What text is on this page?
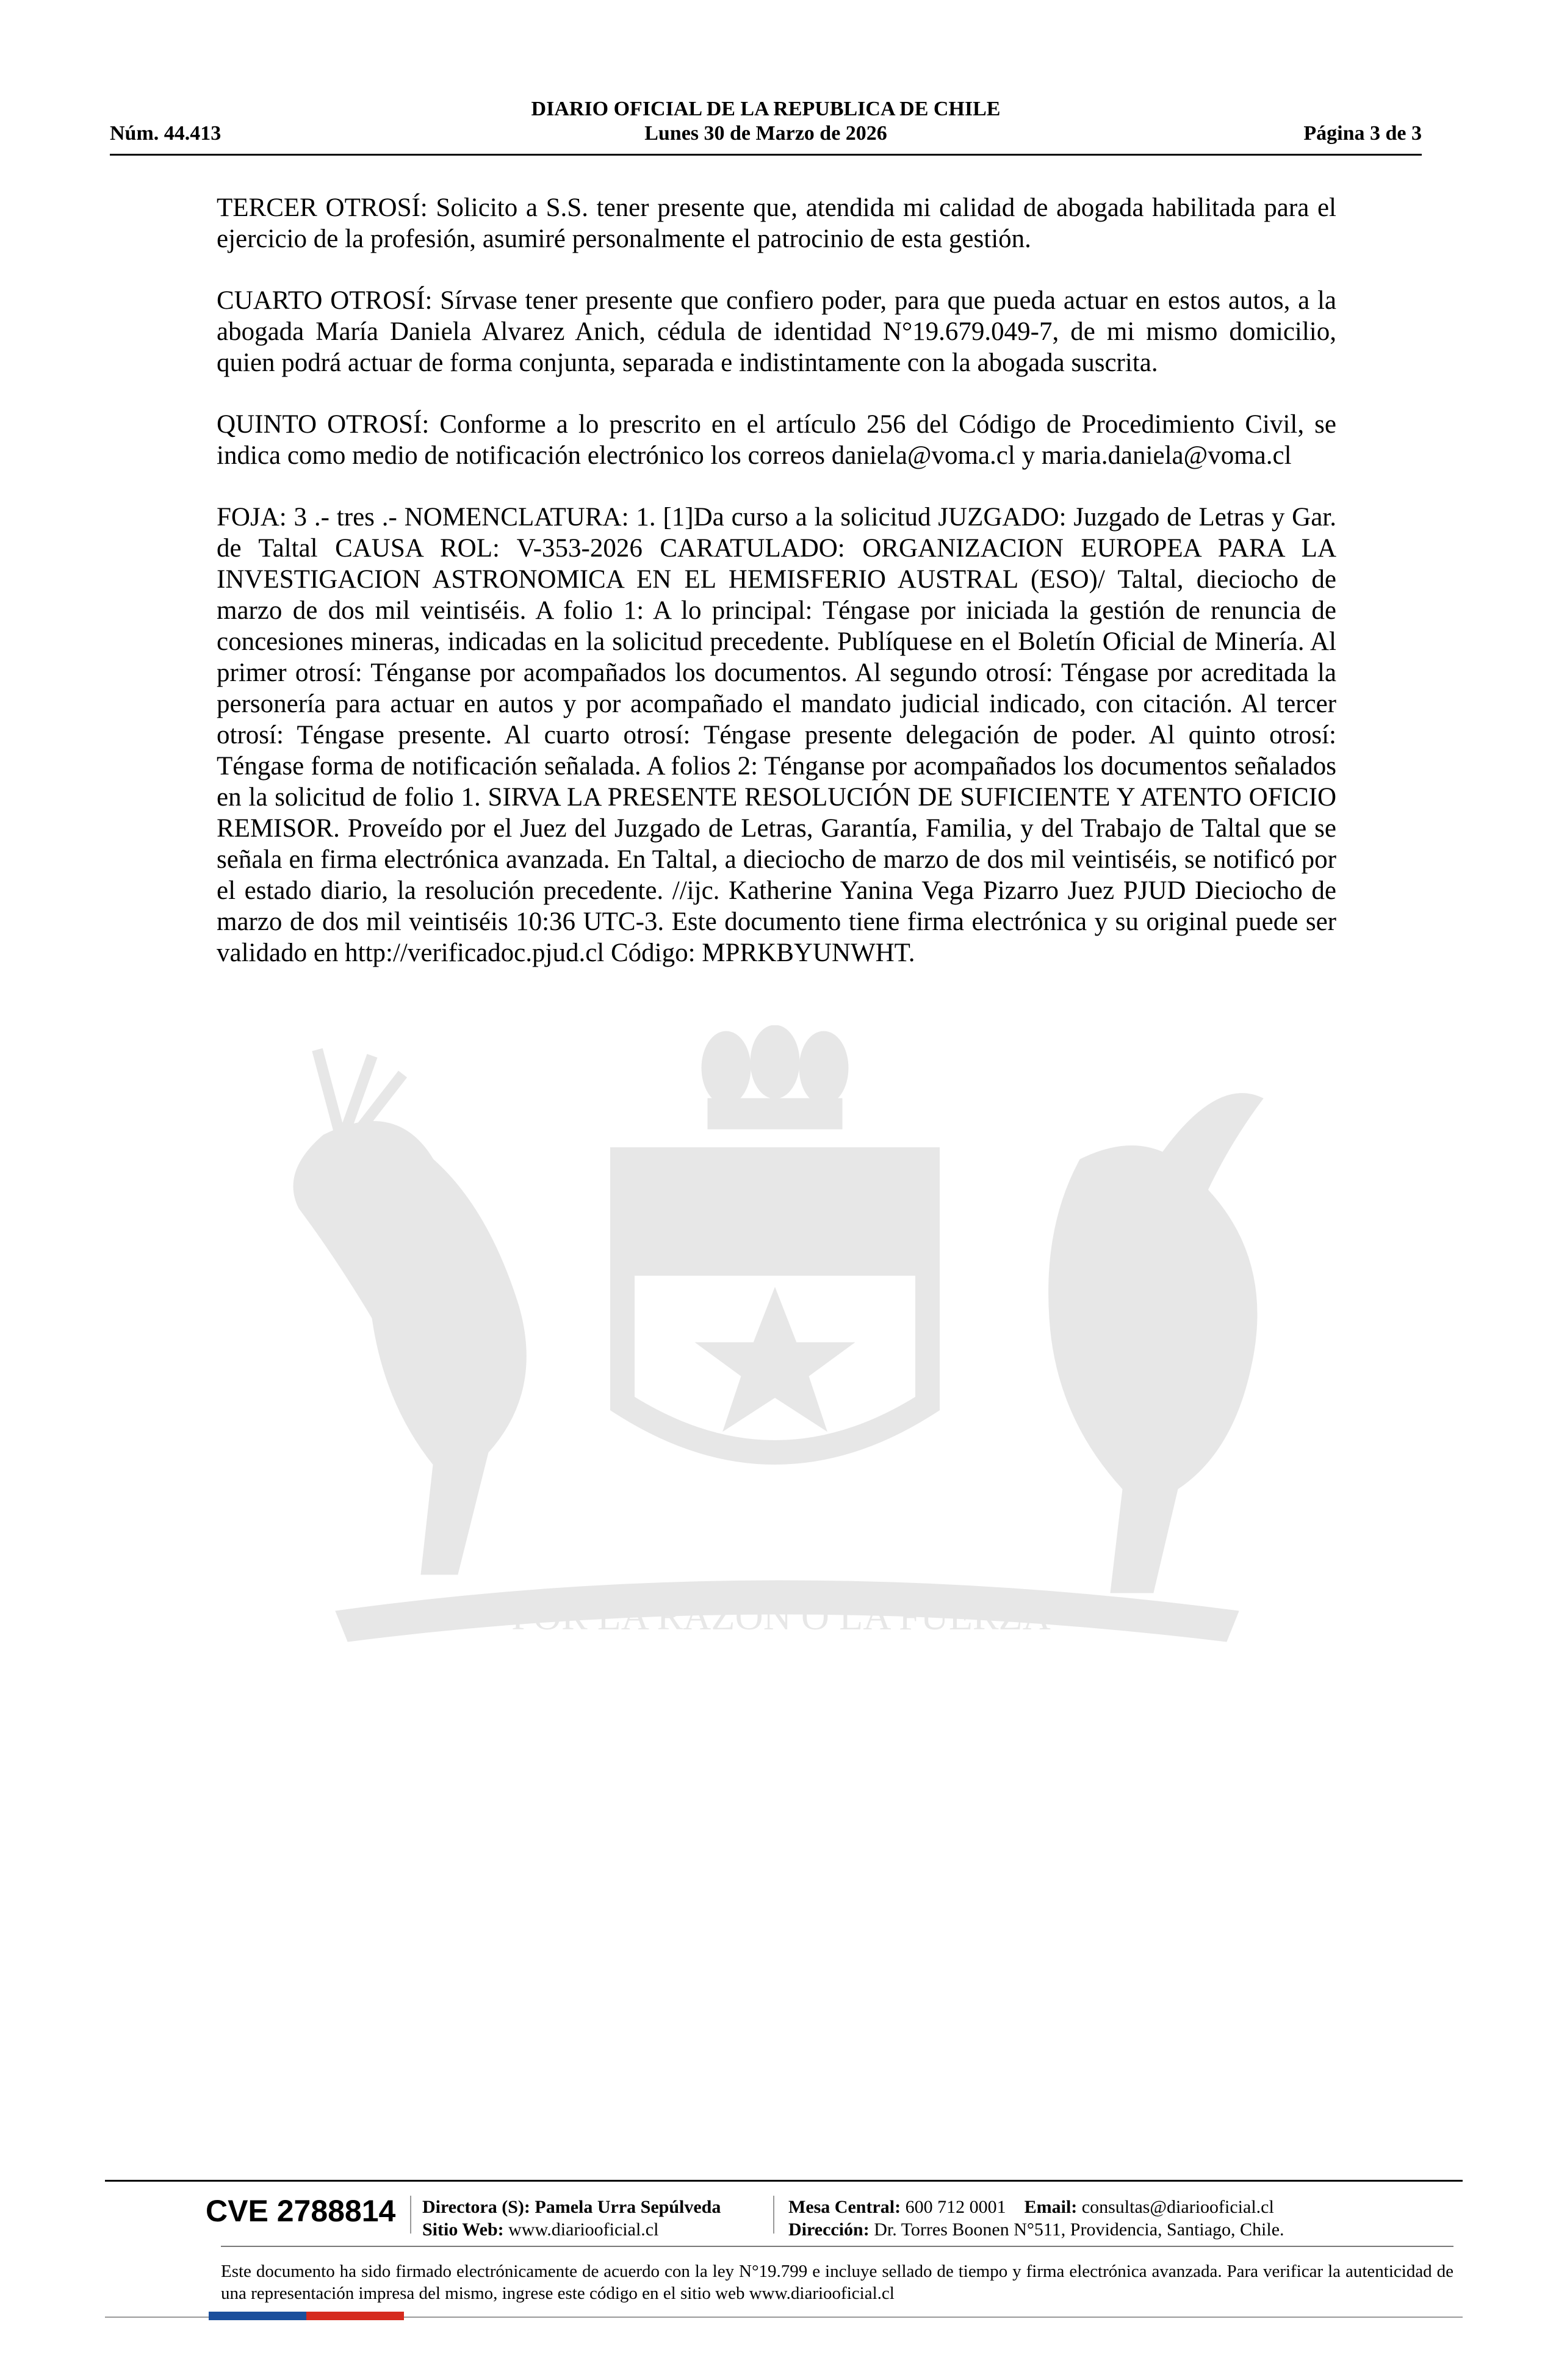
DIARIO OFICIAL DE LA REPUBLICA DE CHILE
Núm. 44.413	Lunes 30 de Marzo de 2026	Página 3 de 3
POR LA RAZÓN O LA FUERZA

TERCER OTROSÍ: Solicito a S.S. tener presente que, atendida mi calidad de abogada habilitada para el ejercicio de la profesión, asumiré personalmente el patrocinio de esta gestión.

CUARTO OTROSÍ: Sírvase tener presente que confiero poder, para que pueda actuar en estos autos, a la abogada María Daniela Alvarez Anich, cédula de identidad N°19.679.049-7, de mi mismo domicilio, quien podrá actuar de forma conjunta, separada e indistintamente con la abogada suscrita.

QUINTO OTROSÍ: Conforme a lo prescrito en el artículo 256 del Código de Procedimiento Civil, se indica como medio de notificación electrónico los correos daniela@voma.cl y maria.daniela@voma.cl

FOJA: 3 .- tres .- NOMENCLATURA: 1. [1]Da curso a la solicitud JUZGADO: Juzgado de Letras y Gar. de Taltal CAUSA ROL: V-353-2026 CARATULADO: ORGANIZACION EUROPEA PARA LA INVESTIGACION ASTRONOMICA EN EL HEMISFERIO AUSTRAL (ESO)/ Taltal, dieciocho de marzo de dos mil veintiséis. A folio 1: A lo principal: Téngase por iniciada la gestión de renuncia de concesiones mineras, indicadas en la solicitud precedente. Publíquese en el Boletín Oficial de Minería. Al primer otrosí: Ténganse por acompañados los documentos. Al segundo otrosí: Téngase por acreditada la personería para actuar en autos y por acompañado el mandato judicial indicado, con citación. Al tercer otrosí: Téngase presente. Al cuarto otrosí: Téngase presente delegación de poder. Al quinto otrosí: Téngase forma de notificación señalada. A folios 2: Ténganse por acompañados los documentos señalados en la solicitud de folio 1. SIRVA LA PRESENTE RESOLUCIÓN DE SUFICIENTE Y ATENTO OFICIO REMISOR. Proveído por el Juez del Juzgado de Letras, Garantía, Familia, y del Trabajo de Taltal que se señala en firma electrónica avanzada. En Taltal, a dieciocho de marzo de dos mil veintiséis, se notificó por el estado diario, la resolución precedente. //ijc. Katherine Yanina Vega Pizarro Juez PJUD Dieciocho de marzo de dos mil veintiséis 10:36 UTC-3. Este documento tiene firma electrónica y su original puede ser validado en http://verificadoc.pjud.cl Código: MPRKBYUNWHT.

CVE 2788814 Directora (S): Pamela Urra Sepúlveda
Sitio Web: www.diariooficial.cl
Mesa Central: 600 712 0001 Email: consultas@diariooficial.cl
Dirección: Dr. Torres Boonen N°511, Providencia, Santiago, Chile.
Este documento ha sido firmado electrónicamente de acuerdo con la ley N°19.799 e incluye sellado de tiempo y firma electrónica avanzada. Para verificar la autenticidad de una representación impresa del mismo, ingrese este código en el sitio web www.diariooficial.cl
